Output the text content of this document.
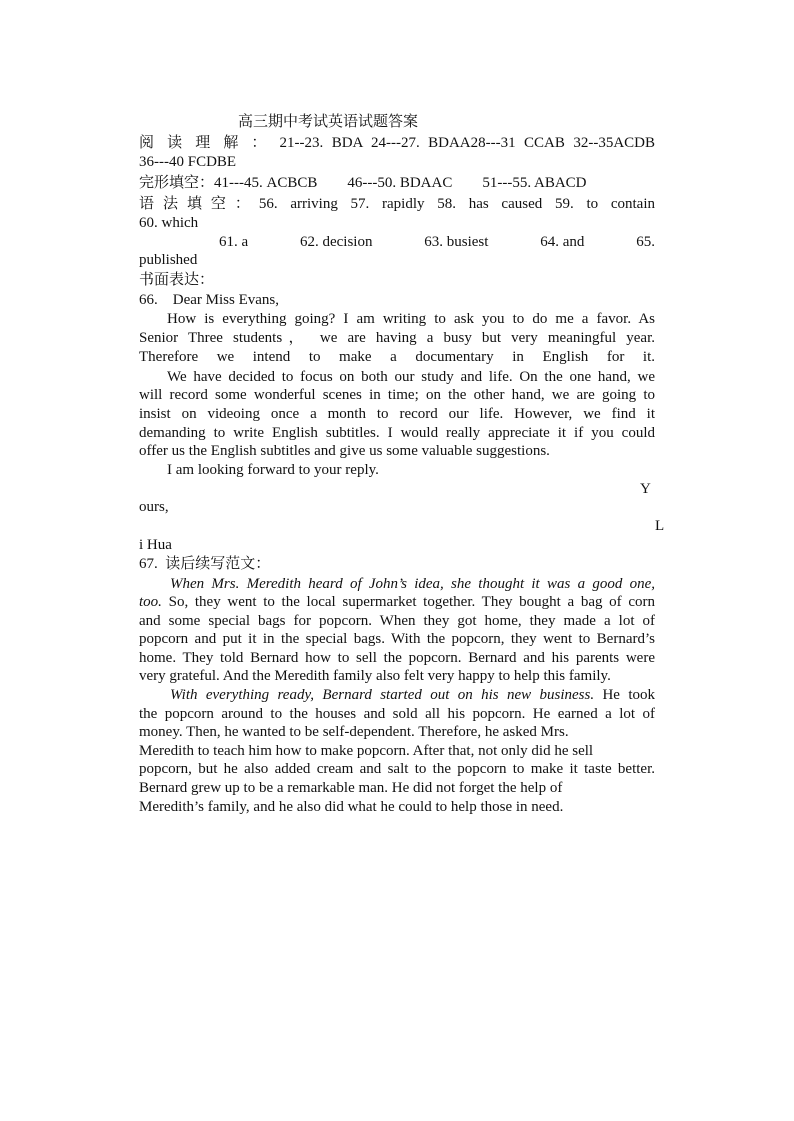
高三期中考试英语试题答案
阅 读 理 解 ： 21--23. BDA 24---27. BDAA28---31 CCAB 32--35ACDB
36---40 FCDBE
完形填空：41---45. ACBCB        46---50. BDAAC        51---55. ABACD
语法填空：56. arriving 57. rapidly 58. has caused 59. to contain
60. which
61. a	62. decision	63. busiest	64. and	65.
published
书面表达：
66.    Dear Miss Evans,
How is everything going? I am writing to ask you to do me a favor. As
Senior Three students， we are having a busy but very meaningful year.
Therefore we intend to make a documentary in English for it.
We have decided to focus on both our study and life. On the one hand, we
will record some wonderful scenes in time; on the other hand, we are going to
insist on videoing once a month to record our life. However, we find it
demanding to write English subtitles. I would really appreciate it if you could
offer us the English subtitles and give us some valuable suggestions.
I am looking forward to your reply.
Y
ours,
L
i Hua
67.  读后续写范文：
When Mrs. Meredith heard of John’s idea, she thought it was a good one,
too. So, they went to the local supermarket together. They bought a bag of corn
and some special bags for popcorn. When they got home, they made a lot of
popcorn and put it in the special bags. With the popcorn, they went to Bernard’s
home. They told Bernard how to sell the popcorn. Bernard and his parents were
very grateful. And the Meredith family also felt very happy to help this family.
With everything ready, Bernard started out on his new business. He took
the popcorn around to the houses and sold all his popcorn. He earned a lot of
money. Then, he wanted to be self-dependent. Therefore, he asked Mrs.
Meredith to teach him how to make popcorn. After that, not only did he sell
popcorn, but he also added cream and salt to the popcorn to make it taste better.
Bernard grew up to be a remarkable man. He did not forget the help of
Meredith’s family, and he also did what he could to help those in need.
